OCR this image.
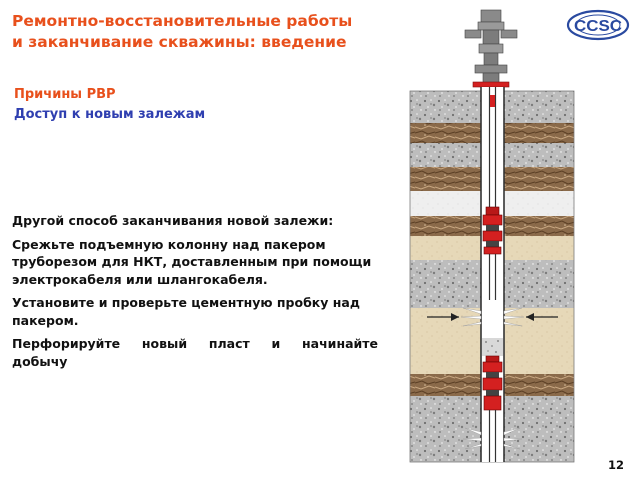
Ремонтно-восстановительные работы
и заканчивание скважины: введение
CCSC
Причины РВР
Доступ к новым залежам

Другой способ заканчивания новой залежи:

Срежьте подъемную колонну над пакером труборезом для НКТ, доставленным при помощи электрокабеля или шлангокабеля.

Установите и проверьте цементную пробку над пакером.

Перфорируйте новый пласт и начинайте

добычу

12
